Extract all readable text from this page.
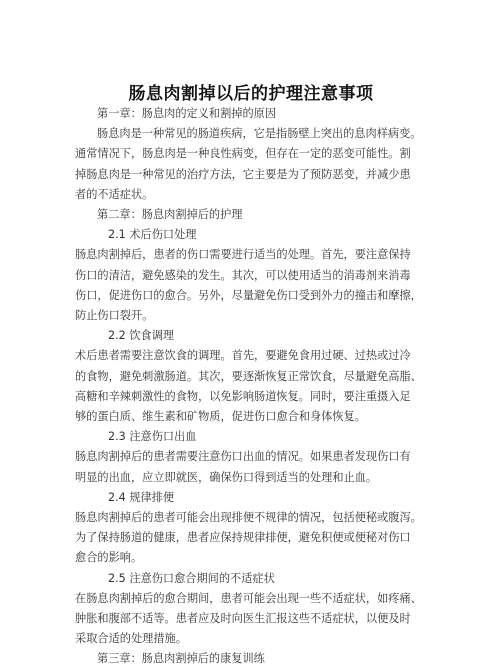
肠息肉割掉以后的护理注意事项
第一章：肠息肉的定义和割掉的原因
肠息肉是一种常见的肠道疾病，它是指肠壁上突出的息肉样病变。
通常情况下，肠息肉是一种良性病变，但存在一定的恶变可能性。割
掉肠息肉是一种常见的治疗方法，它主要是为了预防恶变，并减少患
者的不适症状。
第二章：肠息肉割掉后的护理
2.1 术后伤口处理
肠息肉割掉后，患者的伤口需要进行适当的处理。首先，要注意保持
伤口的清洁，避免感染的发生。其次，可以使用适当的消毒剂来消毒
伤口，促进伤口的愈合。另外，尽量避免伤口受到外力的撞击和摩擦，
防止伤口裂开。
2.2 饮食调理
术后患者需要注意饮食的调理。首先，要避免食用过硬、过热或过冷
的食物，避免刺激肠道。其次，要逐渐恢复正常饮食，尽量避免高脂、
高糖和辛辣刺激性的食物，以免影响肠道恢复。同时，要注重摄入足
够的蛋白质、维生素和矿物质，促进伤口愈合和身体恢复。
2.3 注意伤口出血
肠息肉割掉后的患者需要注意伤口出血的情况。如果患者发现伤口有
明显的出血，应立即就医，确保伤口得到适当的处理和止血。
2.4 规律排便
肠息肉割掉后的患者可能会出现排便不规律的情况，包括便秘或腹泻。
为了保持肠道的健康，患者应保持规律排便，避免积便或便秘对伤口
愈合的影响。
2.5 注意伤口愈合期间的不适症状
在肠息肉割掉后的愈合期间，患者可能会出现一些不适症状，如疼痛、
肿胀和腹部不适等。患者应及时向医生汇报这些不适症状，以便及时
采取合适的处理措施。
第三章：肠息肉割掉后的康复训练
